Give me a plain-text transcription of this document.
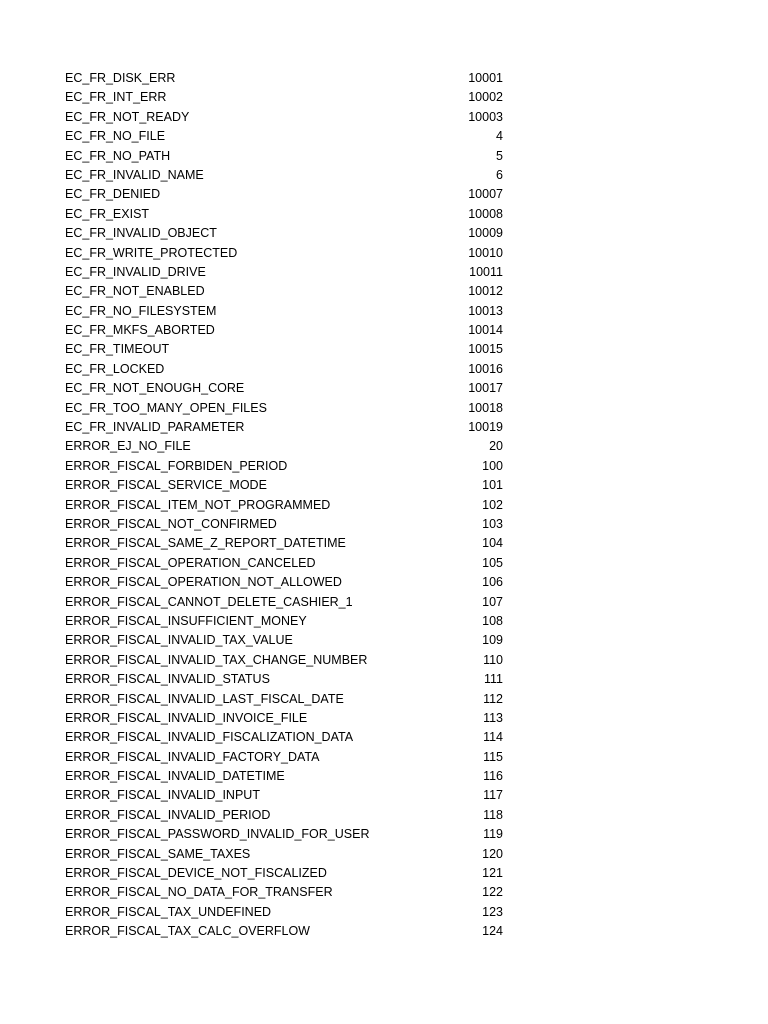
EC_FR_DISK_ERR	10001
EC_FR_INT_ERR	10002
EC_FR_NOT_READY	10003
EC_FR_NO_FILE	4
EC_FR_NO_PATH	5
EC_FR_INVALID_NAME	6
EC_FR_DENIED	10007
EC_FR_EXIST	10008
EC_FR_INVALID_OBJECT	10009
EC_FR_WRITE_PROTECTED	10010
EC_FR_INVALID_DRIVE	10011
EC_FR_NOT_ENABLED	10012
EC_FR_NO_FILESYSTEM	10013
EC_FR_MKFS_ABORTED	10014
EC_FR_TIMEOUT	10015
EC_FR_LOCKED	10016
EC_FR_NOT_ENOUGH_CORE	10017
EC_FR_TOO_MANY_OPEN_FILES	10018
EC_FR_INVALID_PARAMETER	10019
ERROR_EJ_NO_FILE	20
ERROR_FISCAL_FORBIDEN_PERIOD	100
ERROR_FISCAL_SERVICE_MODE	101
ERROR_FISCAL_ITEM_NOT_PROGRAMMED	102
ERROR_FISCAL_NOT_CONFIRMED	103
ERROR_FISCAL_SAME_Z_REPORT_DATETIME	104
ERROR_FISCAL_OPERATION_CANCELED	105
ERROR_FISCAL_OPERATION_NOT_ALLOWED	106
ERROR_FISCAL_CANNOT_DELETE_CASHIER_1	107
ERROR_FISCAL_INSUFFICIENT_MONEY	108
ERROR_FISCAL_INVALID_TAX_VALUE	109
ERROR_FISCAL_INVALID_TAX_CHANGE_NUMBER	110
ERROR_FISCAL_INVALID_STATUS	111
ERROR_FISCAL_INVALID_LAST_FISCAL_DATE	112
ERROR_FISCAL_INVALID_INVOICE_FILE	113
ERROR_FISCAL_INVALID_FISCALIZATION_DATA	114
ERROR_FISCAL_INVALID_FACTORY_DATA	115
ERROR_FISCAL_INVALID_DATETIME	116
ERROR_FISCAL_INVALID_INPUT	117
ERROR_FISCAL_INVALID_PERIOD	118
ERROR_FISCAL_PASSWORD_INVALID_FOR_USER	119
ERROR_FISCAL_SAME_TAXES	120
ERROR_FISCAL_DEVICE_NOT_FISCALIZED	121
ERROR_FISCAL_NO_DATA_FOR_TRANSFER	122
ERROR_FISCAL_TAX_UNDEFINED	123
ERROR_FISCAL_TAX_CALC_OVERFLOW	124
